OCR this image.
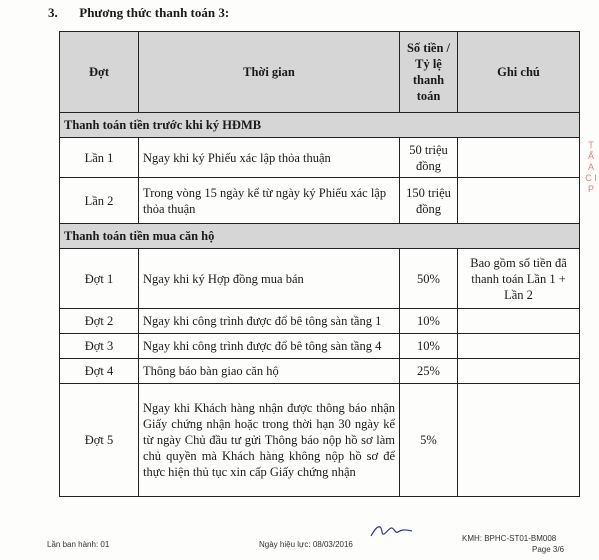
3. Phương thức thanh toán 3:
Đợt	Thời gian	Số tiền / Tỷ lệ thanh toán	Ghi chú
Thanh toán tiền trước khi ký HĐMB			
Lần 1	Ngay khi ký Phiếu xác lập thỏa thuận	50 triệu đồng	
Lần 2	Trong vòng 15 ngày kể từ ngày ký Phiếu xác lập thỏa thuận	150 triệu đồng	
Thanh toán tiền mua căn hộ			
Đợt 1	Ngay khi ký Hợp đồng mua bán	50%	Bao gồm số tiền đã thanh toán Lần 1 + Lần 2
Đợt 2	Ngay khi công trình được đổ bê tông sàn tầng 1	10%	
Đợt 3	Ngay khi công trình được đổ bê tông sàn tầng 4	10%	
Đợt 4	Thông báo bàn giao căn hộ	25%	
Đợt 5	Ngay khi Khách hàng nhận được thông báo nhận Giấy chứng nhận hoặc trong thời hạn 30 ngày kể từ ngày Chủ đầu tư gửi Thông báo nộp hồ sơ làm chủ quyền mà Khách hàng không nộp hồ sơ để thực hiện thủ tục xin cấp Giấy chứng nhận	5%	
T Ấ A C I P
Lần ban hành: 01	Ngày hiệu lực: 08/03/2016
KMH: BPHC-ST01-BM008
Page 3/6
